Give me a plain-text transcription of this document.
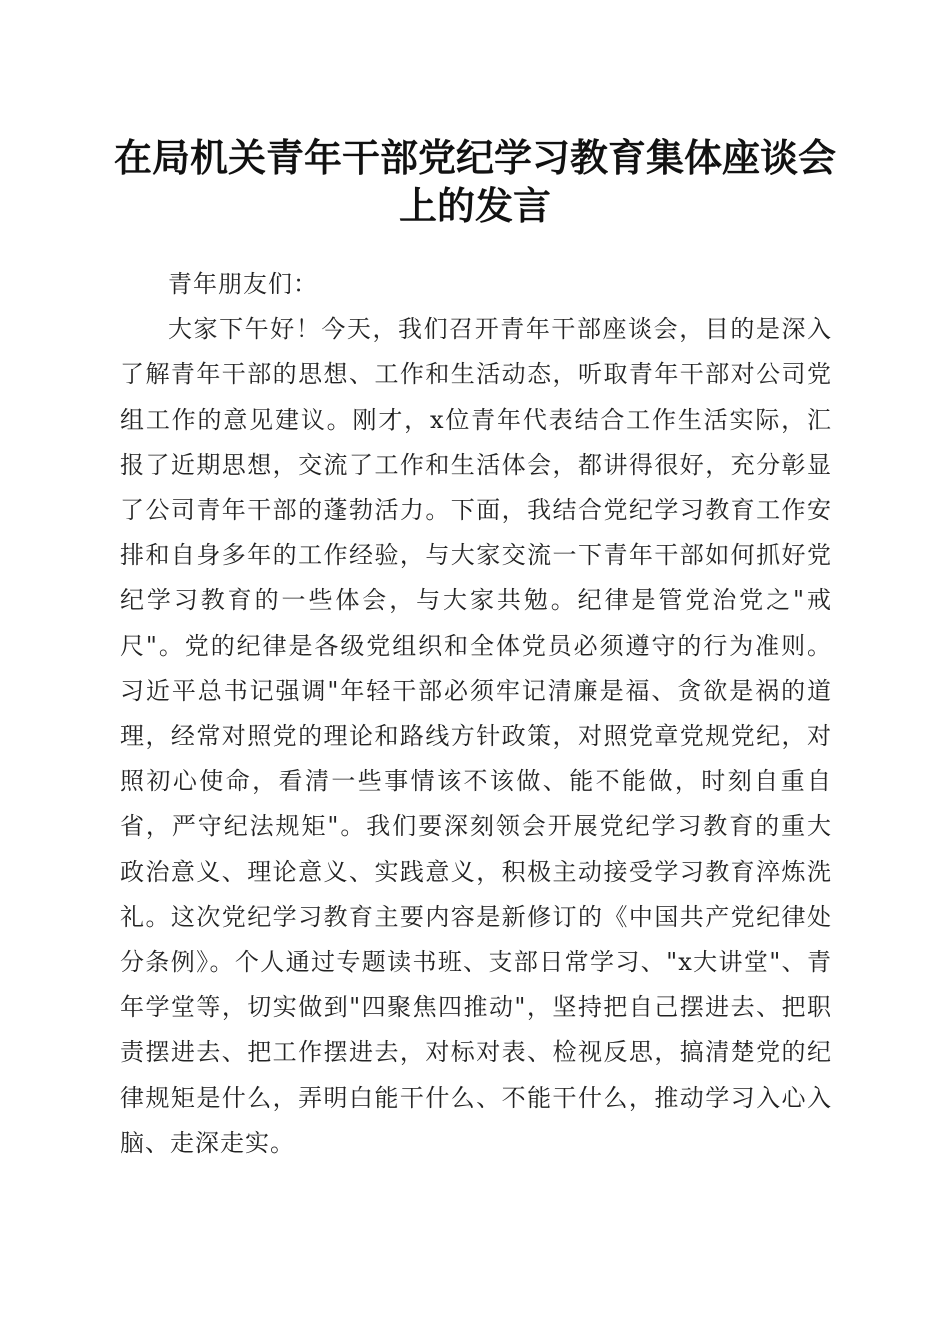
在局机关青年干部党纪学习教育集体座谈会上的发言

青年朋友们：

大家下午好！今天，我们召开青年干部座谈会，目的是深入了解青年干部的思想、工作和生活动态，听取青年干部对公司党组工作的意见建议。刚才，x位青年代表结合工作生活实际，汇报了近期思想，交流了工作和生活体会，都讲得很好，充分彰显了公司青年干部的蓬勃活力。下面，我结合党纪学习教育工作安排和自身多年的工作经验，与大家交流一下青年干部如何抓好党纪学习教育的一些体会，与大家共勉。纪律是管党治党之"戒尺"。党的纪律是各级党组织和全体党员必须遵守的行为准则。习近平总书记强调"年轻干部必须牢记清廉是福、贪欲是祸的道理，经常对照党的理论和路线方针政策，对照党章党规党纪，对照初心使命，看清一些事情该不该做、能不能做，时刻自重自省，严守纪法规矩"。我们要深刻领会开展党纪学习教育的重大政治意义、理论意义、实践意义，积极主动接受学习教育淬炼洗礼。这次党纪学习教育主要内容是新修订的《中国共产党纪律处分条例》。个人通过专题读书班、支部日常学习、"x大讲堂"、青年学堂等，切实做到"四聚焦四推动"，坚持把自己摆进去、把职责摆进去、把工作摆进去，对标对表、检视反思，搞清楚党的纪律规矩是什么，弄明白能干什么、不能干什么，推动学习入心入脑、走深走实。
